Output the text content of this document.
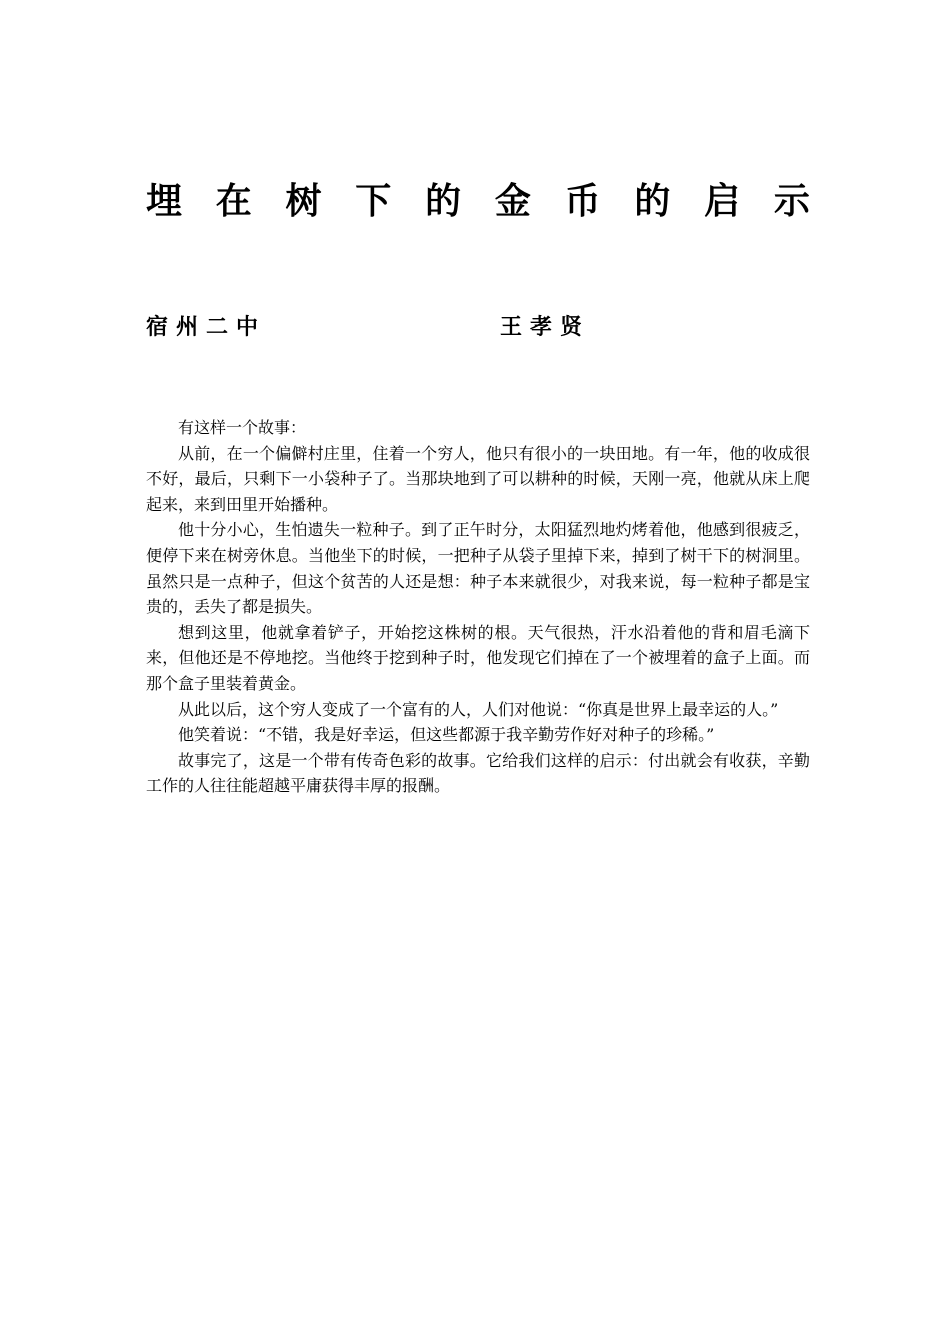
埋 在 树 下 的 金 币 的 启 示
宿州二中	王孝贤

有这样一个故事：

从前，在一个偏僻村庄里，住着一个穷人，他只有很小的一块田地。有一年，他的收成很不好，最后，只剩下一小袋种子了。当那块地到了可以耕种的时候，天刚一亮，他就从床上爬起来，来到田里开始播种。

他十分小心，生怕遗失一粒种子。到了正午时分，太阳猛烈地灼烤着他，他感到很疲乏，便停下来在树旁休息。当他坐下的时候，一把种子从袋子里掉下来，掉到了树干下的树洞里。虽然只是一点种子，但这个贫苦的人还是想：种子本来就很少，对我来说，每一粒种子都是宝贵的，丢失了都是损失。

想到这里，他就拿着铲子，开始挖这株树的根。天气很热，汗水沿着他的背和眉毛滴下来，但他还是不停地挖。当他终于挖到种子时，他发现它们掉在了一个被埋着的盒子上面。而那个盒子里装着黄金。

从此以后，这个穷人变成了一个富有的人，人们对他说：“你真是世界上最幸运的人。”

他笑着说：“不错，我是好幸运，但这些都源于我辛勤劳作好对种子的珍稀。”

故事完了，这是一个带有传奇色彩的故事。它给我们这样的启示：付出就会有收获，辛勤工作的人往往能超越平庸获得丰厚的报酬。
